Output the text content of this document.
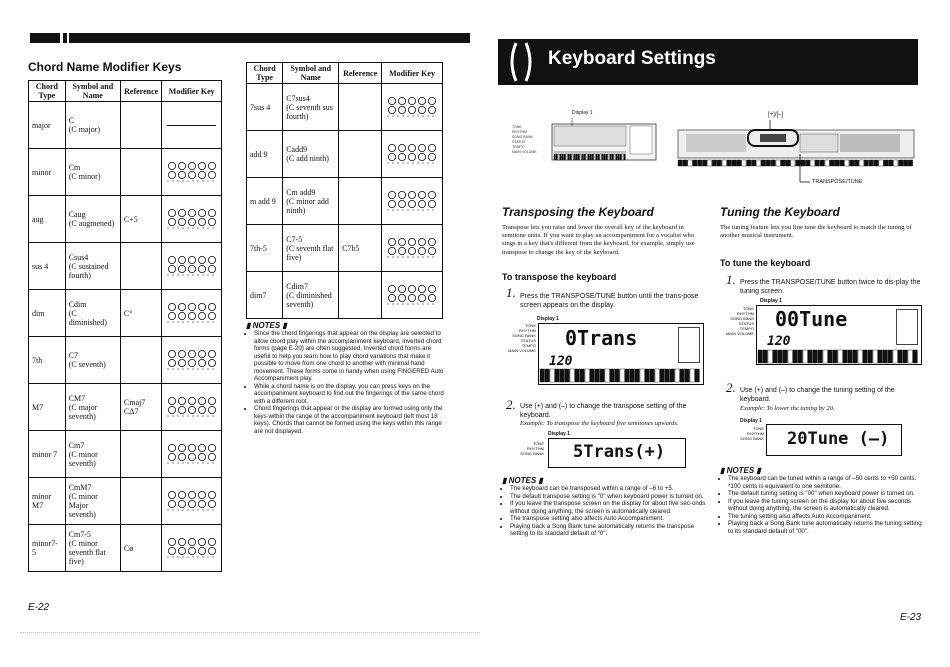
Chord Name Modifier Keys
Chord Type	Symbol and Name	Reference	Modifier Key
major	C
(C major)		

minor	Cm
(C minor)

aug	Caug
(C augmened)	C+5	

sus 4	Csus4
(C sustained fourth)

dim	Cdim
(C diminished)	C°	

7th	C7
(C seventh)

M7	CM7
(C major seventh)	Cmaj7 CΔ7	

minor 7	Cm7
(C minor seventh)

minor M7	CmM7
(C minor Major seventh)

minor7-5	Cm7-5
(C minor seventh flat five)	Cø	
Chord Type	Symbol and Name	Reference	Modifier Key
7sus 4	C7sus4
(C seventh sus fourth)

add 9	Cadd9
(C add ninth)

m add 9	Cm add9
(C minor add ninth)

7th-5	C7-5
(C seventh flat five)	C7b5	

dim7	Cdim7
(C diminished seventh)

▮ NOTES ▮
• Since the chord fingerings that appear on the display are selected to allow chord play within the accompaniment keyboard, inverted chord forms (page E-20) are often suggested. Inverted chord forms are useful to help you learn how to play chord variations that make it possible to move from one chord to another with minimal hand movement. These forms come in handy when using FINGERED Auto Accompaniment play.
• While a chord name is on the display, you can press keys on the accompaniment keyboard to find out the fingerings of the same chord with a different root.
• Chord fingerings that appear or the display are formed using only the keys within the range of the accompaniment keyboard (left most 18 keys). Chords that cannot be formed using the keys within this range are not displayed.
E-22
Keyboard Settings
Display 1
TONE
RHYTHM
SONG BANK
STATUS
TEMPO
MAIN VOLUME
[+]/[–]
TRANSPOSE/TUNE
Transposing the Keyboard
Transpose lets you raise and lower the overall key of the keyboard in semitone units. If you want to play an accompaniment for a vocalist who sings in a key that's different from the keyboard, for example, simply use transpose to change the key of the keyboard.
To transpose the keyboard
1. Press the TRANSPOSE/TUNE button until the trans-pose screen appears on the display.
Display 1
TONE
RHYTHM
SONG BANK
STATUS
TEMPO
MAIN VOLUME
0Trans
120
2. Use (+) and (–) to change the transpose setting of the keyboard.
Example: To transpose the keyboard five semitones upwards.
Display 1
TONE
RHYTHM
SONG BANK 5Trans(+)
▮ NOTES ▮
• The keyboard can be transposed within a range of –6 to +5.
• The default transpose setting is "0" when keyboard power is turned on.
• If you leave the transpose screen on the display for about five sec-onds without doing anything, the screen is automatically cleared.
• The transpose setting also affects Auto Accompaniment.
• Playing back a Song Bank tune automatically returns the transpose setting to its standard default of "0".
Tuning the Keyboard
The tuning feature lets you fine tune the keyboard to match the tuning of another musical instrument.
To tune the keyboard
1. Press the TRANSPOSE/TUNE button twice to dis-play the tuning screen.
Display 1
TONE
RHYTHM
SONG BANK
STATUS
TEMPO
MAIN VOLUME
00Tune
120
2. Use (+) and (–) to change the tuning setting of the keyboard.
Example: To lower the tuning by 20.
Display 1
TONE
RHYTHM
SONG BANK 20Tune (–)
▮ NOTES ▮
• The keyboard can be tuned within a range of –50 cents to +50 cents. *100 cents is equivalent to one semitone.
• The default tuning setting is "00" when keyboard power is turned on.
• If you leave the tuning screen on the display for about five seconds without doing anything, the screen is automatically cleared.
• The tuning setting also affects Auto Accompaniment.
• Playing back a Song Bank tune automatically returns the tuning setting to its standard default of "00".
E-23
